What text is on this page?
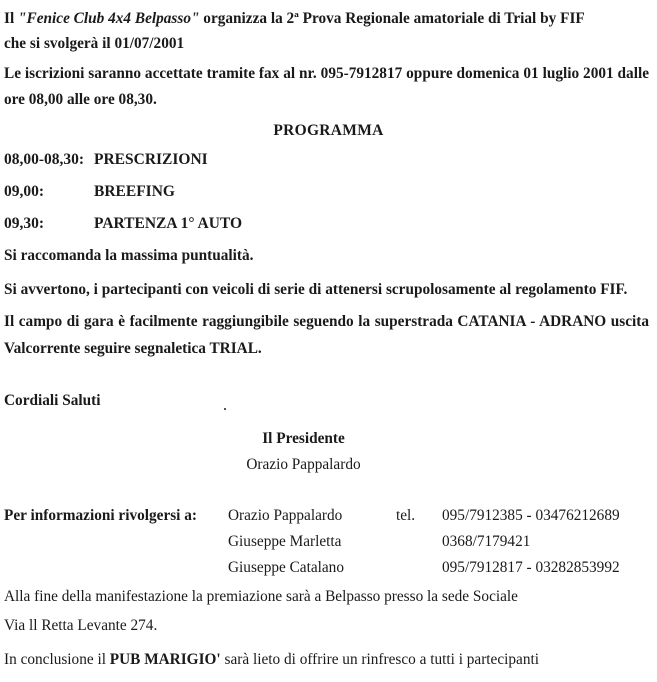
Il "Fenice Club 4x4 Belpasso" organizza la 2ª Prova Regionale amatoriale di Trial by FIF

che si svolgerà il 01/07/2001

Le iscrizioni saranno accettate tramite fax al nr. 095-7912817 oppure domenica 01 luglio 2001 dalle ore 08,00 alle ore 08,30.

PROGRAMMA
08,00-08,30: PRESCRIZIONI
09,00:	BREEFING
09,30:	PARTENZA 1° AUTO
Si raccomanda la massima puntualità.

Si avvertono, i partecipanti con veicoli di serie di attenersi scrupolosamente al regolamento FIF.

Il campo di gara è facilmente raggiungibile seguendo la superstrada CATANIA - ADRANO uscita Valcorrente seguire segnaletica TRIAL.

Cordiali Saluti
Il Presidente
Orazio Pappalardo
Per informazioni rivolgersi a:	Orazio Pappalardo	tel.	095/7912385 - 03476212689
Giuseppe Marletta	0368/7179421
Giuseppe Catalano	095/7912817 - 03282853992
Alla fine della manifestazione la premiazione sarà a Belpasso presso la sede Sociale
Via ll Retta Levante 274.
In conclusione il PUB MARIGIO' sarà lieto di offrire un rinfresco a tutti i partecipanti
